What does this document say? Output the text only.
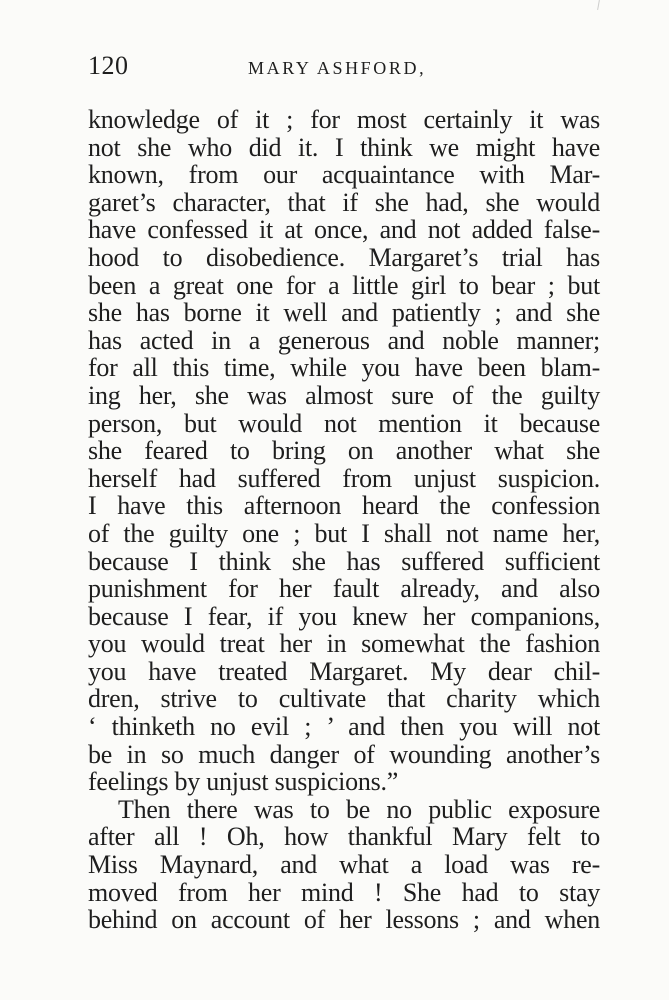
120	MARY ASHFORD,
knowledge of it ; for most certainly it was
not she who did it. I think we might have
known, from our acquaintance with Mar-
garet’s character, that if she had, she would
have confessed it at once, and not added false-
hood to disobedience. Margaret’s trial has
been a great one for a little girl to bear ; but
she has borne it well and patiently ; and she
has acted in a generous and noble manner;
for all this time, while you have been blam-
ing her, she was almost sure of the guilty
person, but would not mention it because
she feared to bring on another what she
herself had suffered from unjust suspicion.
I have this afternoon heard the confession
of the guilty one ; but I shall not name her,
because I think she has suffered sufficient
punishment for her fault already, and also
because I fear, if you knew her companions,
you would treat her in somewhat the fashion
you have treated Margaret. My dear chil-
dren, strive to cultivate that charity which
‘ thinketh no evil ; ’ and then you will not
be in so much danger of wounding another’s
feelings by unjust suspicions.”
Then there was to be no public exposure
after all ! Oh, how thankful Mary felt to
Miss Maynard, and what a load was re-
moved from her mind ! She had to stay
behind on account of her lessons ; and when
